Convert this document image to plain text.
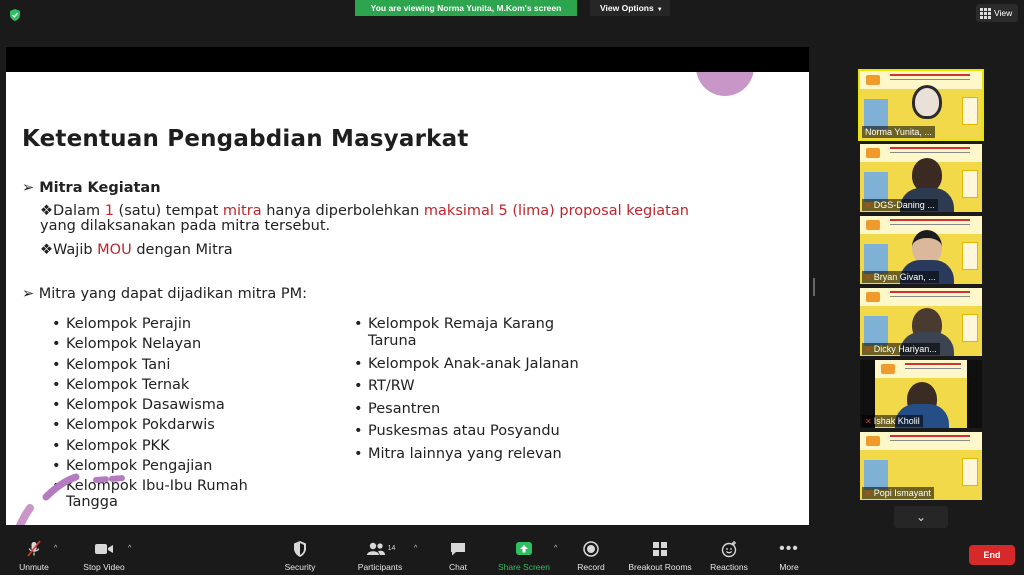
You are viewing Norma Yunita, M.Kom's screen	View Options ▼	View
Ketentuan Pengabdian Masyarkat
➢ Mitra Kegiatan
❖Dalam 1 (satu) tempat mitra hanya diperbolehkan maksimal 5 (lima) proposal kegiatan yang dilaksanakan pada mitra tersebut.
❖Wajib MOU dengan Mitra
➢ Mitra yang dapat dijadikan mitra PM:
• Kelompok Perajin
• Kelompok Nelayan
• Kelompok Tani
• Kelompok Ternak
• Kelompok Dasawisma
• Kelompok Pokdarwis
• Kelompok PKK
• Kelompok Pengajian
• Kelompok Ibu-Ibu Rumah Tangga
• Kelompok Remaja Karang Taruna
• Kelompok Anak-anak Jalanan
• RT/RW
• Pesantren
• Puskesmas atau Posyandu
• Mitra lainnya yang relevan
Norma Yunita, ...
✕ DGS-Daning ...
✕ Bryan Givan, ...
✕ Dicky Hariyan...
✕ Ishak Kholil
✕ Popi Ismayant
⌄
Unmute
^
Stop Video
^
Security
$^{14}$
Participants
^
Chat	Share Screen
^
Record	Breakout Rooms Reactions
•••
More
End
